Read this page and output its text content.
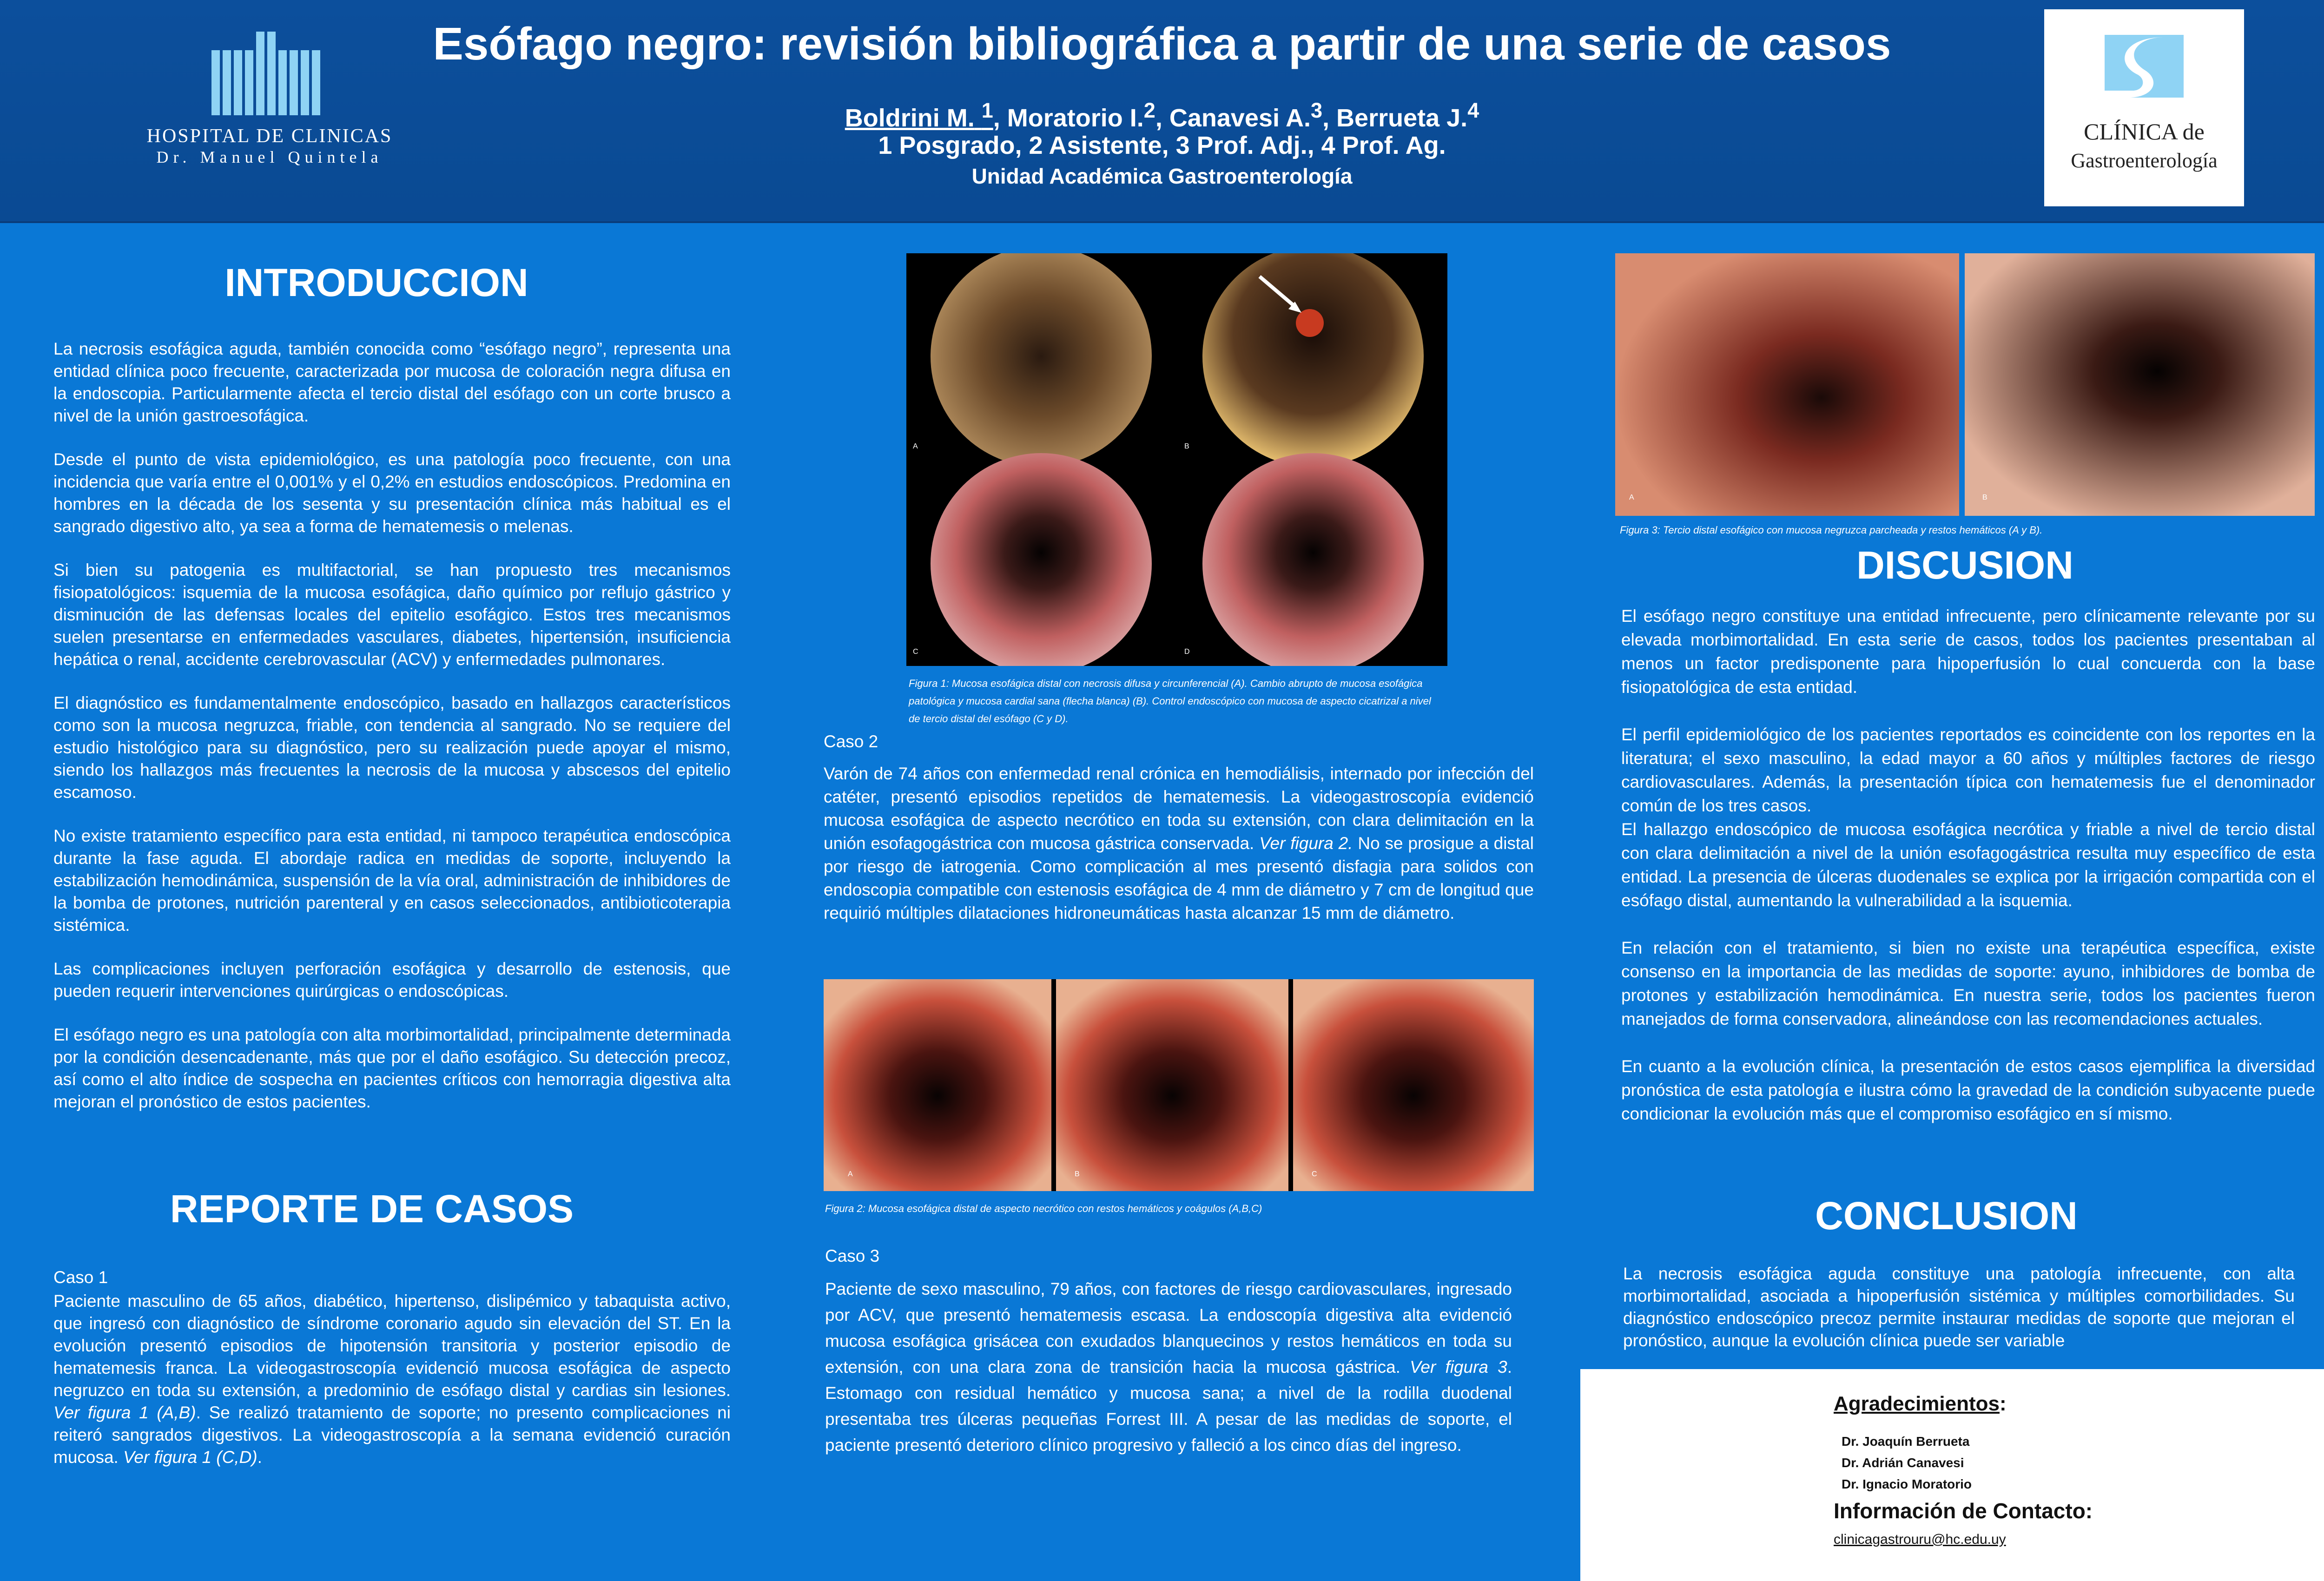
HOSPITAL DE CLINICAS
Dr. Manuel Quintela
Esófago negro: revisión bibliográfica a partir de una serie de casos
Boldrini M. $^1$, Moratorio I.$^2$, Canavesi A.$^3$, Berrueta J.$^4$
1 Posgrado, 2 Asistente, 3 Prof. Adj., 4 Prof. Ag.
Unidad Académica Gastroenterología
CLÍNICA de
Gastroenterología
INTRODUCCION

La necrosis esofágica aguda, también conocida como “esófago negro”, representa una entidad clínica poco frecuente, caracterizada por mucosa de coloración negra difusa en la endoscopia. Particularmente afecta el tercio distal del esófago con un corte brusco a nivel de la unión gastroesofágica.

Desde el punto de vista epidemiológico, es una patología poco frecuente, con una incidencia que varía entre el 0,001% y el 0,2% en estudios endoscópicos. Predomina en hombres en la década de los sesenta y su presentación clínica más habitual es el sangrado digestivo alto, ya sea a forma de hematemesis o melenas.

Si bien su patogenia es multifactorial, se han propuesto tres mecanismos fisiopatológicos: isquemia de la mucosa esofágica, daño químico por reflujo gástrico y disminución de las defensas locales del epitelio esofágico. Estos tres mecanismos suelen presentarse en enfermedades vasculares, diabetes, hipertensión, insuficiencia hepática o renal, accidente cerebrovascular (ACV) y enfermedades pulmonares.

El diagnóstico es fundamentalmente endoscópico, basado en hallazgos característicos como son la mucosa negruzca, friable, con tendencia al sangrado. No se requiere del estudio histológico para su diagnóstico, pero su realización puede apoyar el mismo, siendo los hallazgos más frecuentes la necrosis de la mucosa y abscesos del epitelio escamoso.

No existe tratamiento específico para esta entidad, ni tampoco terapéutica endoscópica durante la fase aguda. El abordaje radica en medidas de soporte, incluyendo la estabilización hemodinámica, suspensión de la vía oral, administración de inhibidores de la bomba de protones, nutrición parenteral y en casos seleccionados, antibioticoterapia sistémica.

Las complicaciones incluyen perforación esofágica y desarrollo de estenosis, que pueden requerir intervenciones quirúrgicas o endoscópicas.

El esófago negro es una patología con alta morbimortalidad, principalmente determinada por la condición desencadenante, más que por el daño esofágico. Su detección precoz, así como el alto índice de sospecha en pacientes críticos con hemorragia digestiva alta mejoran el pronóstico de estos pacientes.

REPORTE DE CASOS

Caso 1

Paciente masculino de 65 años, diabético, hipertenso, dislipémico y tabaquista activo, que ingresó con diagnóstico de síndrome coronario agudo sin elevación del ST. En la evolución presentó episodios de hipotensión transitoria y posterior episodio de hematemesis franca. La videogastroscopía evidenció mucosa esofágica de aspecto negruzco en toda su extensión, a predominio de esófago distal y cardias sin lesiones. Ver figura 1 (A,B). Se realizó tratamiento de soporte; no presento complicaciones ni reiteró sangrados digestivos. La videogastroscopía a la semana evidenció curación mucosa. Ver figura 1 (C,D).

A	B
C	D

Figura 1: Mucosa esofágica distal con necrosis difusa y circunferencial (A). Cambio abrupto de mucosa esofágica patológica y mucosa cardial sana (flecha blanca) (B). Control endoscópico con mucosa de aspecto cicatrizal a nivel de tercio distal del esófago (C y D).

Caso 2

Varón de 74 años con enfermedad renal crónica en hemodiálisis, internado por infección del catéter, presentó episodios repetidos de hematemesis. La videogastroscopía evidenció mucosa esofágica de aspecto necrótico en toda su extensión, con clara delimitación en la unión esofagogástrica con mucosa gástrica conservada. Ver figura 2. No se prosigue a distal por riesgo de iatrogenia. Como complicación al mes presentó disfagia para solidos con endoscopia compatible con estenosis esofágica de 4 mm de diámetro y 7 cm de longitud que requirió múltiples dilataciones hidroneumáticas hasta alcanzar 15 mm de diámetro.

A	B	C

Figura 2: Mucosa esofágica distal de aspecto necrótico con restos hemáticos y coágulos (A,B,C)

Caso 3

Paciente de sexo masculino, 79 años, con factores de riesgo cardiovasculares, ingresado por ACV, que presentó hematemesis escasa. La endoscopía digestiva alta evidenció mucosa esofágica grisácea con exudados blanquecinos y restos hemáticos en toda su extensión, con una clara zona de transición hacia la mucosa gástrica. Ver figura 3. Estomago con residual hemático y mucosa sana; a nivel de la rodilla duodenal presentaba tres úlceras pequeñas Forrest III. A pesar de las medidas de soporte, el paciente presentó deterioro clínico progresivo y falleció a los cinco días del ingreso.

A	B

Figura 3: Tercio distal esofágico con mucosa negruzca parcheada y restos hemáticos (A y B).

DISCUSION

El esófago negro constituye una entidad infrecuente, pero clínicamente relevante por su elevada morbimortalidad. En esta serie de casos, todos los pacientes presentaban al menos un factor predisponente para hipoperfusión lo cual concuerda con la base fisiopatológica de esta entidad.

El perfil epidemiológico de los pacientes reportados es coincidente con los reportes en la literatura; el sexo masculino, la edad mayor a 60 años y múltiples factores de riesgo cardiovasculares. Además, la presentación típica con hematemesis fue el denominador común de los tres casos.

El hallazgo endoscópico de mucosa esofágica necrótica y friable a nivel de tercio distal con clara delimitación a nivel de la unión esofagogástrica resulta muy específico de esta entidad. La presencia de úlceras duodenales se explica por la irrigación compartida con el esófago distal, aumentando la vulnerabilidad a la isquemia.

En relación con el tratamiento, si bien no existe una terapéutica específica, existe consenso en la importancia de las medidas de soporte: ayuno, inhibidores de bomba de protones y estabilización hemodinámica. En nuestra serie, todos los pacientes fueron manejados de forma conservadora, alineándose con las recomendaciones actuales.

En cuanto a la evolución clínica, la presentación de estos casos ejemplifica la diversidad pronóstica de esta patología e ilustra cómo la gravedad de la condición subyacente puede condicionar la evolución más que el compromiso esofágico en sí mismo.

CONCLUSION

La necrosis esofágica aguda constituye una patología infrecuente, con alta morbimortalidad, asociada a hipoperfusión sistémica y múltiples comorbilidades. Su diagnóstico endoscópico precoz permite instaurar medidas de soporte que mejoran el pronóstico, aunque la evolución clínica puede ser variable

Agradecimientos:

Dr. Joaquín Berrueta

Dr. Adrián Canavesi

Dr. Ignacio Moratorio

Información de Contacto:

clinicagastrouru@hc.edu.uy
